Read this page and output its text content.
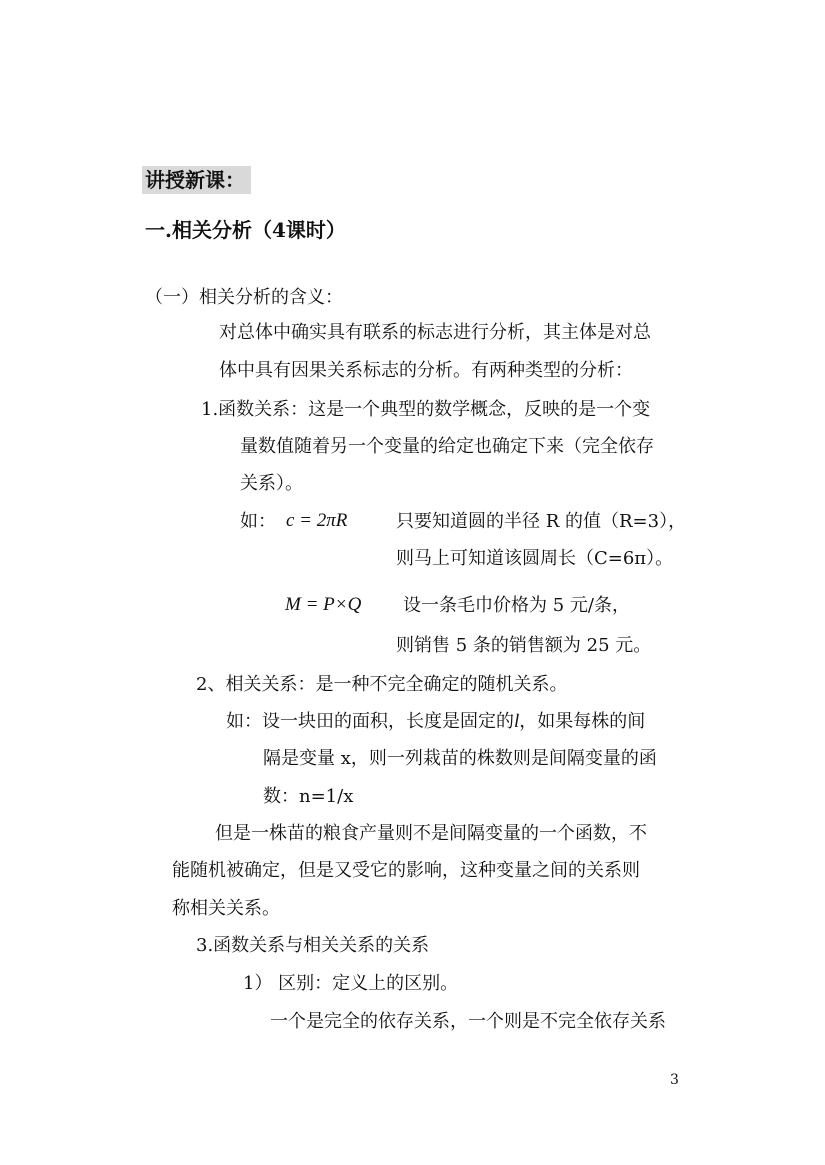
讲授新课：
一.相关分析（4课时）
（一）相关分析的含义：
对总体中确实具有联系的标志进行分析，其主体是对总
体中具有因果关系标志的分析。有两种类型的分析：
1.函数关系：这是一个典型的数学概念，反映的是一个变
量数值随着另一个变量的给定也确定下来（完全依存
关系）。
如： c = 2πR	只要知道圆的半径 R 的值（R=3），
则马上可知道该圆周长（C=6π）。
M = P×Q 设一条毛巾价格为 5 元/条，
则销售 5 条的销售额为 25 元。
2、相关关系：是一种不完全确定的随机关系。
如：设一块田的面积，长度是固定的l，如果每株的间
隔是变量 x，则一列栽苗的株数则是间隔变量的函
数：n=1/x
但是一株苗的粮食产量则不是间隔变量的一个函数，不
能随机被确定，但是又受它的影响，这种变量之间的关系则
称相关关系。
3.函数关系与相关关系的关系
1） 区别：定义上的区别。
一个是完全的依存关系，一个则是不完全依存关系
3
